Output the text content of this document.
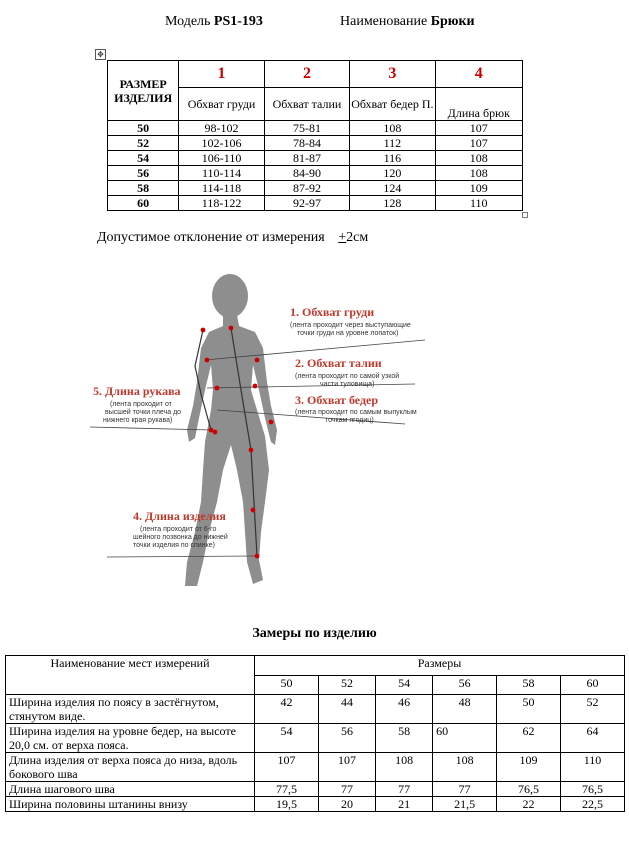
Модель PS1-193	Наименование Брюки
✥
РАЗМЕР ИЗДЕЛИЯ	1	2	3	4
	Обхват груди	Обхват талии	Обхват бедер П.	Длина брюк
50	98-102	75-81	108	107
52	102-106	78-84	112	107
54	106-110	81-87	116	108
56	110-114	84-90	120	108
58	114-118	87-92	124	109
60	118-122	92-97	128	110
Допустимое отклонение от измерения +2см
1. Обхват груди
(лента проходит через выступающие
точки груди на уровне лопаток)
2. Обхват талии
(лента проходит по самой узкой
части туловища)
3. Обхват бедер
(лента проходит по самым выпуклым
точкам ягодиц)
5. Длина рукава
(лента проходит от
высшей точки плеча до
нижнего края рукава)
4. Длина изделия
(лента проходит от 6-го
шейного позвонка до нижней
точки изделия по спинке)
Замеры по изделию
Наименование мест измерений	Размеры					
	50	52	54	56	58	60
Ширина изделия по поясу в застёгнутом, стянутом виде.	42	44	46	48	50	52
Ширина изделия на уровне бедер, на высоте 20,0 см. от верха пояса.	54	56	58	60	62	64
Длина изделия от верха пояса до низа, вдоль бокового шва	107	107	108	108	109	110
Длина шагового шва	77,5	77	77	77	76,5	76,5
Ширина половины штанины внизу	19,5	20	21	21,5	22	22,5
